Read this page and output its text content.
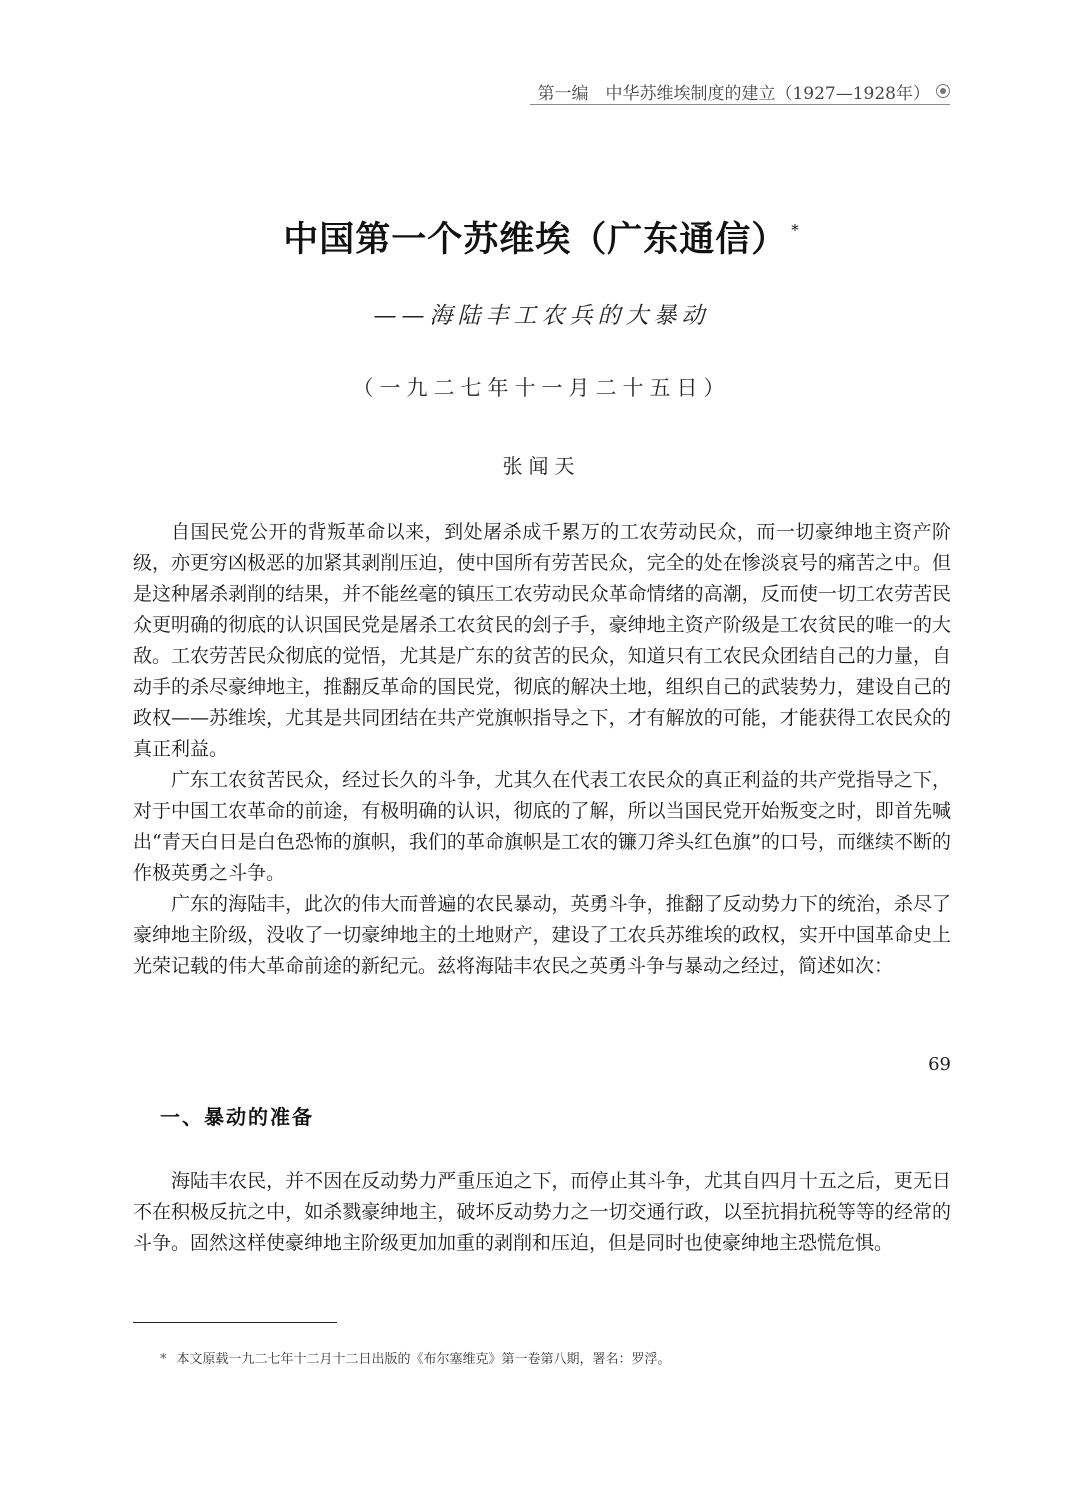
第一编　中华苏维埃制度的建立（1927—1928年）
中国第一个苏维埃（广东通信） *
——海陆丰工农兵的大暴动
（一九二七年十一月二十五日）
张闻天

自国民党公开的背叛革命以来，到处屠杀成千累万的工农劳动民众，而一切豪绅地主资产阶级，亦更穷凶极恶的加紧其剥削压迫，使中国所有劳苦民众，完全的处在惨淡哀号的痛苦之中。但是这种屠杀剥削的结果，并不能丝毫的镇压工农劳动民众革命情绪的高潮，反而使一切工农劳苦民众更明确的彻底的认识国民党是屠杀工农贫民的刽子手，豪绅地主资产阶级是工农贫民的唯一的大敌。工农劳苦民众彻底的觉悟，尤其是广东的贫苦的民众，知道只有工农民众团结自己的力量，自动手的杀尽豪绅地主，推翻反革命的国民党，彻底的解决土地，组织自己的武装势力，建设自己的政权——苏维埃，尤其是共同团结在共产党旗帜指导之下，才有解放的可能，才能获得工农民众的真正利益。

广东工农贫苦民众，经过长久的斗争，尤其久在代表工农民众的真正利益的共产党指导之下，对于中国工农革命的前途，有极明确的认识，彻底的了解，所以当国民党开始叛变之时，即首先喊出“青天白日是白色恐怖的旗帜，我们的革命旗帜是工农的镰刀斧头红色旗”的口号，而继续不断的作极英勇之斗争。

广东的海陆丰，此次的伟大而普遍的农民暴动，英勇斗争，推翻了反动势力下的统治，杀尽了豪绅地主阶级，没收了一切豪绅地主的土地财产，建设了工农兵苏维埃的政权，实开中国革命史上光荣记载的伟大革命前途的新纪元。兹将海陆丰农民之英勇斗争与暴动之经过，简述如次：

一、暴动的准备

海陆丰农民，并不因在反动势力严重压迫之下，而停止其斗争，尤其自四月十五之后，更无日不在积极反抗之中，如杀戮豪绅地主，破坏反动势力之一切交通行政，以至抗捐抗税等等的经常的斗争。固然这样使豪绅地主阶级更加加重的剥削和压迫，但是同时也使豪绅地主恐慌危惧。

* 本文原载一九二七年十二月十二日出版的《布尔塞维克》第一卷第八期，署名：罗浮。
69
